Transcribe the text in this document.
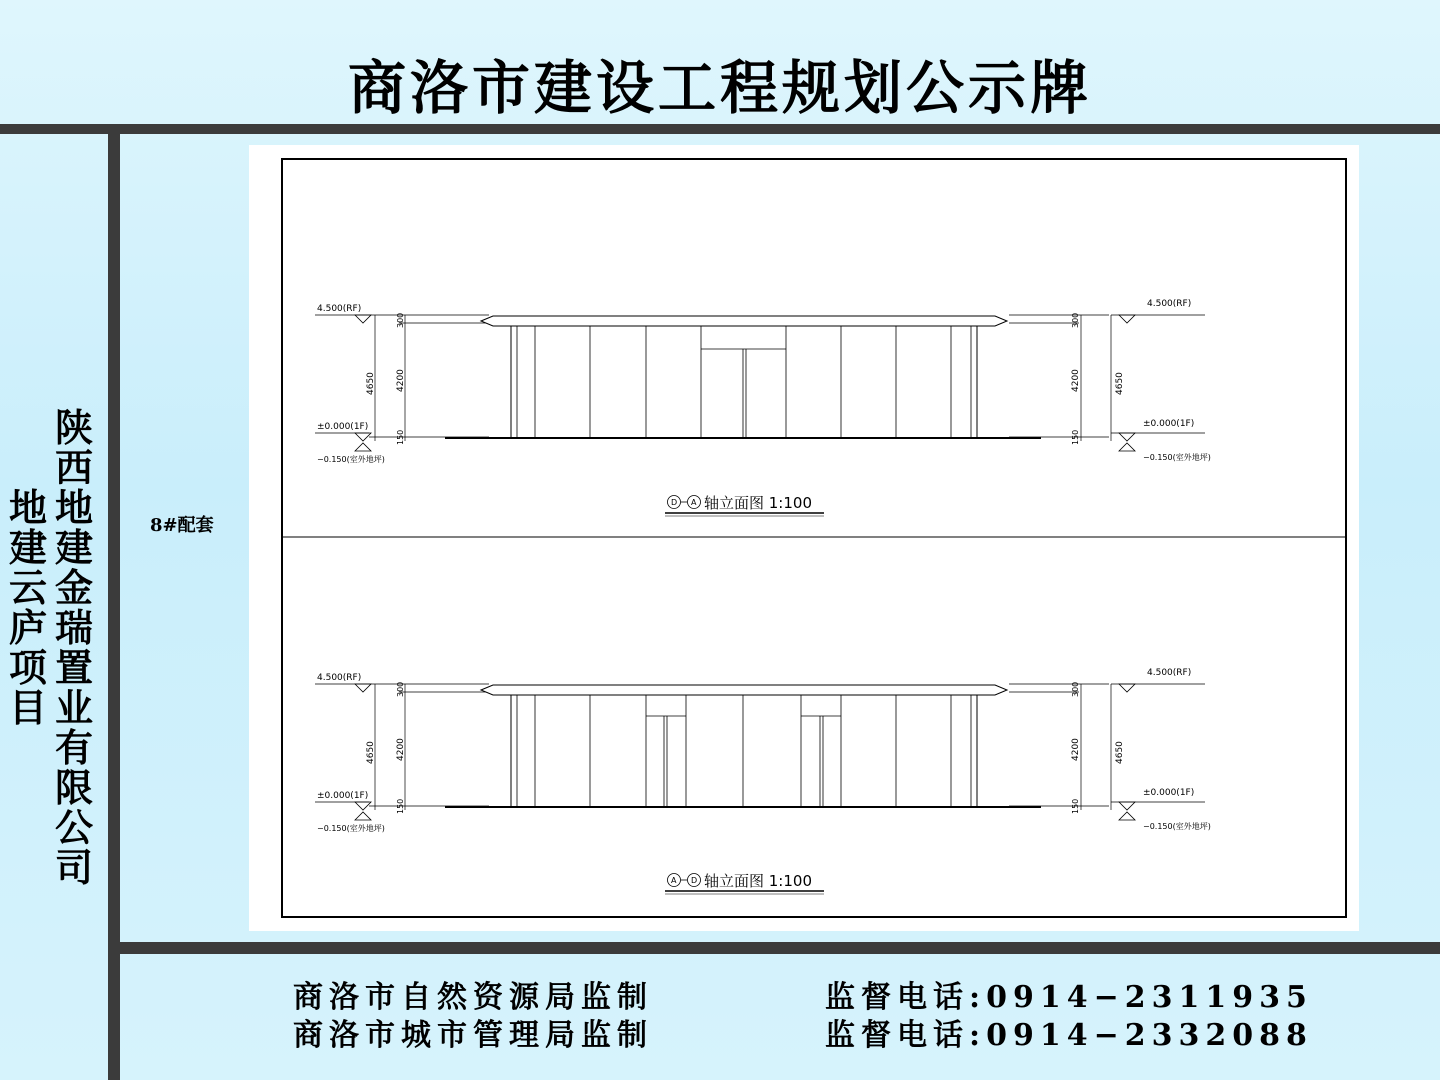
商洛市建设工程规划公示牌
陕西地建金瑞置业有限公司
地建云庐项目
8#配套
4.500(RF)
±0.000(1F)
−0.150(室外地坪)
4650 4200
300
150
4200	4650
300
150
4.500(RF)
±0.000(1F)
−0.150(室外地坪)
D A 轴立面图 1:100
4.500(RF)
±0.000(1F)
−0.150(室外地坪)
4650 4200
300
150
4200	4650
300
150
4.500(RF)
±0.000(1F)
−0.150(室外地坪)
A D 轴立面图 1:100
商洛市自然资源局监制	监督电话:0914−2311935
商洛市城市管理局监制	监督电话:0914−2332088
